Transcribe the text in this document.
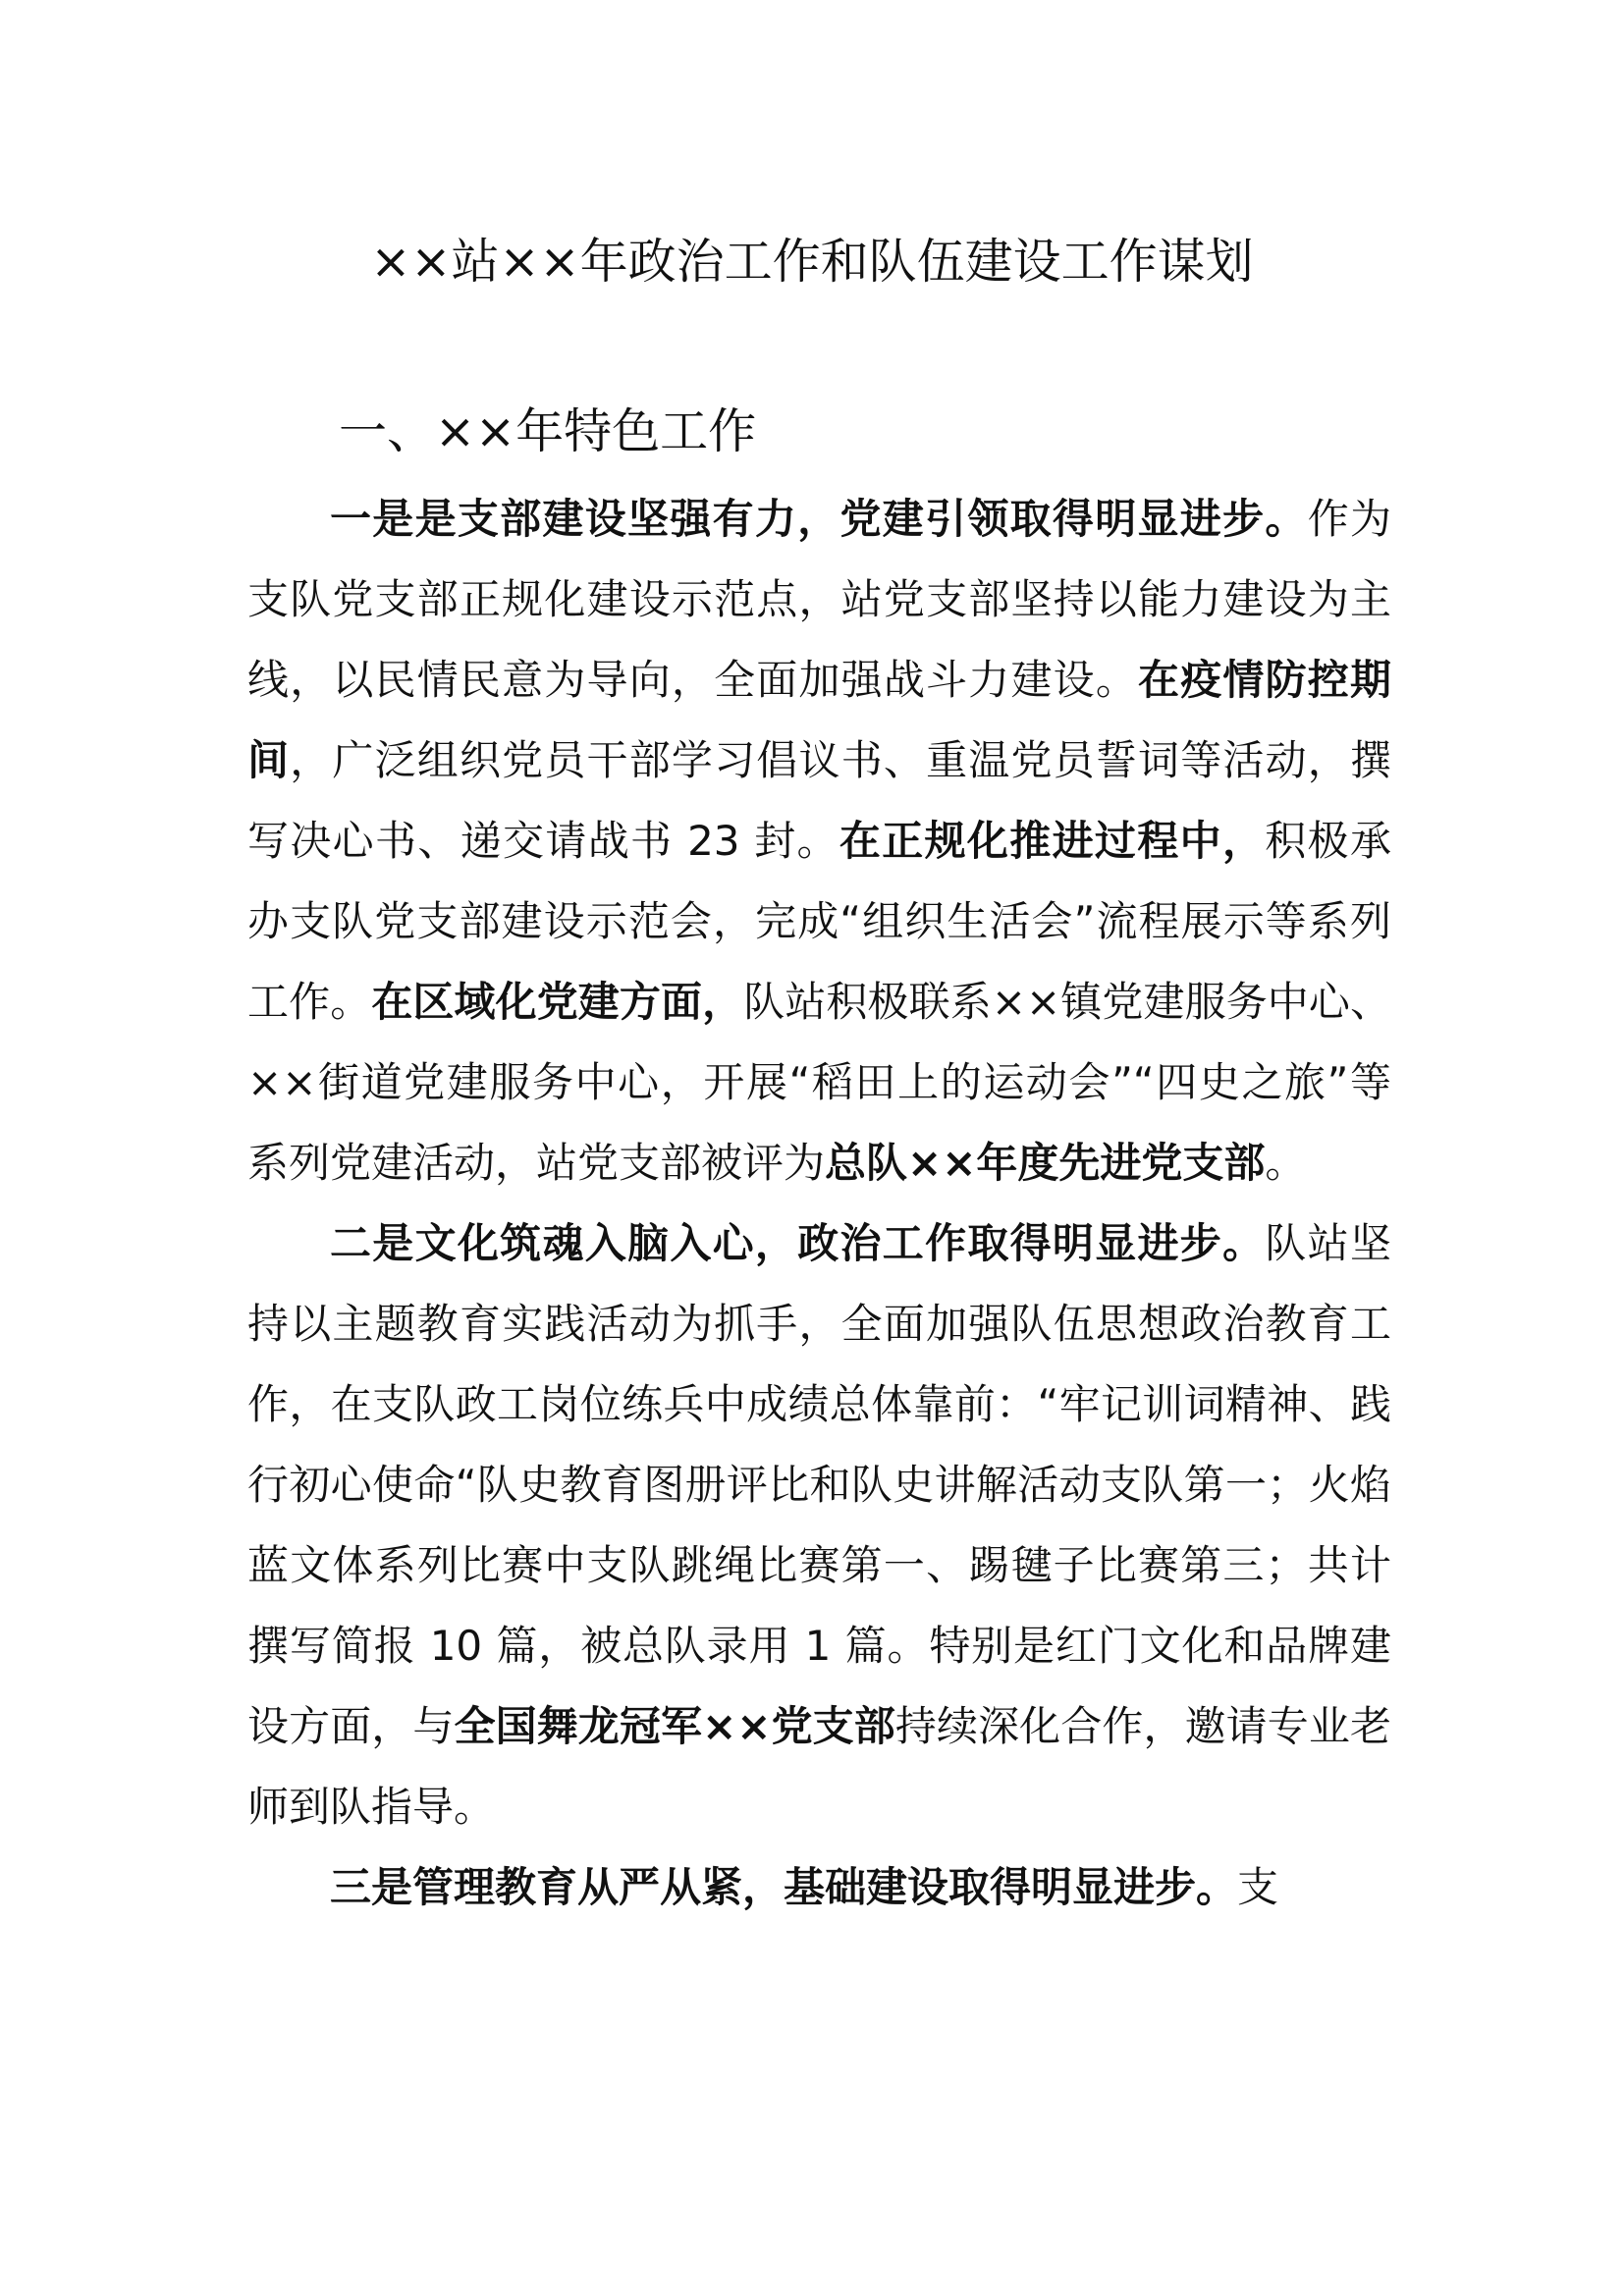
××站××年政治工作和队伍建设工作谋划
一、××年特色工作

一是是支部建设坚强有力，党建引领取得明显进步。作为支队党支部正规化建设示范点，站党支部坚持以能力建设为主线，以民情民意为导向，全面加强战斗力建设。在疫情防控期间，广泛组织党员干部学习倡议书、重温党员誓词等活动，撰写决心书、递交请战书 23 封。在正规化推进过程中，积极承办支队党支部建设示范会，完成“组织生活会”流程展示等系列工作。在区域化党建方面，队站积极联系××镇党建服务中心、××街道党建服务中心，开展“稻田上的运动会”“四史之旅”等系列党建活动，站党支部被评为总队××年度先进党支部。

二是文化筑魂入脑入心，政治工作取得明显进步。队站坚持以主题教育实践活动为抓手，全面加强队伍思想政治教育工作，在支队政工岗位练兵中成绩总体靠前：“牢记训词精神、践行初心使命“队史教育图册评比和队史讲解活动支队第一；火焰蓝文体系列比赛中支队跳绳比赛第一、踢毽子比赛第三；共计撰写简报 10 篇，被总队录用 1 篇。特别是红门文化和品牌建设方面，与全国舞龙冠军××党支部持续深化合作，邀请专业老师到队指导。

三是管理教育从严从紧，基础建设取得明显进步。支
